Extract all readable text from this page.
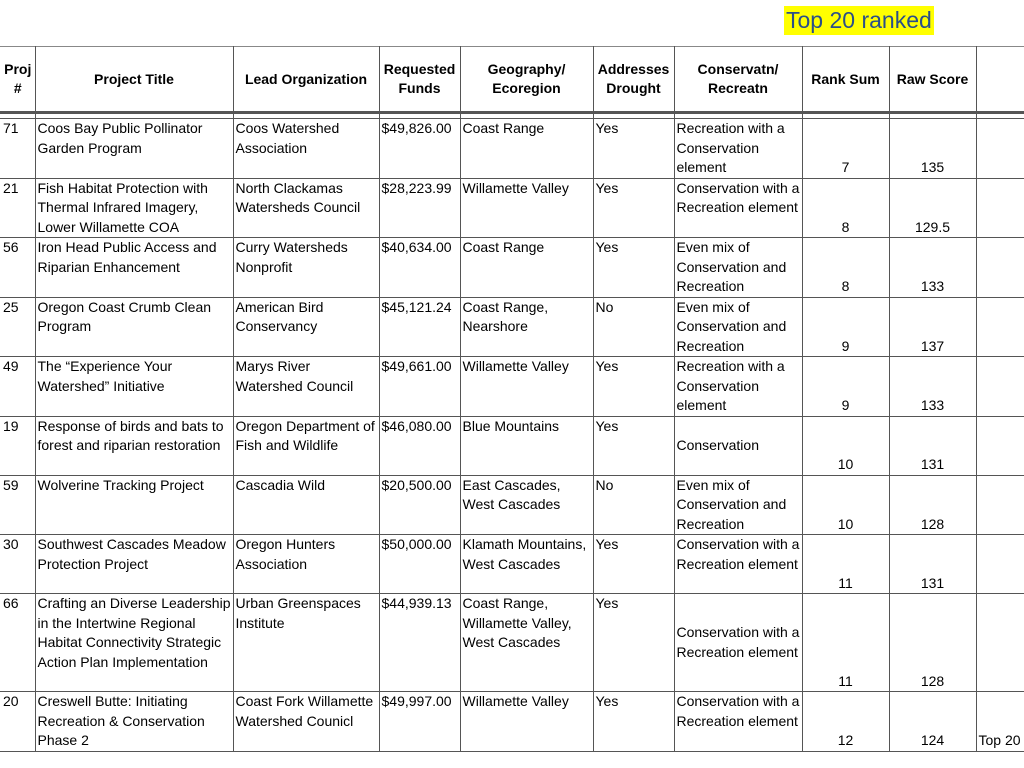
Top 20 ranked
Proj #	Project Title	Lead Organization	Requested Funds	Geography/ Ecoregion	Addresses Drought	Conservatn/ Recreatn	Rank Sum	Raw Score	

71	Coos Bay Public Pollinator Garden Program	Coos Watershed Association	$49,826.00	Coast Range	Yes	Recreation with a Conservation element	7	135	
21	Fish Habitat Protection with Thermal Infrared Imagery, Lower Willamette COA	North Clackamas Watersheds Council	$28,223.99	Willamette Valley	Yes	Conservation with a Recreation element	8	129.5	
56	Iron Head Public Access and Riparian Enhancement	Curry Watersheds Nonprofit	$40,634.00	Coast Range	Yes	Even mix of Conservation and Recreation	8	133	
25	Oregon Coast Crumb Clean Program	American Bird Conservancy	$45,121.24	Coast Range, Nearshore	No	Even mix of Conservation and Recreation	9	137	
49	The “Experience Your Watershed” Initiative	Marys River Watershed Council	$49,661.00	Willamette Valley	Yes	Recreation with a Conservation element	9	133	
19	Response of birds and bats to forest and riparian restoration	Oregon Department of Fish and Wildlife	$46,080.00	Blue Mountains	Yes	Conservation	10	131	
59	Wolverine Tracking Project	Cascadia Wild	$20,500.00	East Cascades, West Cascades	No	Even mix of Conservation and Recreation	10	128	
30	Southwest Cascades Meadow Protection Project	Oregon Hunters Association	$50,000.00	Klamath Mountains, West Cascades	Yes	Conservation with a Recreation element	11	131	
66	Crafting an Diverse Leadership in the Intertwine Regional Habitat Connectivity Strategic Action Plan Implementation	Urban Greenspaces Institute	$44,939.13	Coast Range, Willamette Valley, West Cascades	Yes	Conservation with a Recreation element	11	128	
20	Creswell Butte: Initiating Recreation & Conservation Phase 2	Coast Fork Willamette Watershed Counicl	$49,997.00	Willamette Valley	Yes	Conservation with a Recreation element	12	124	Top 20
